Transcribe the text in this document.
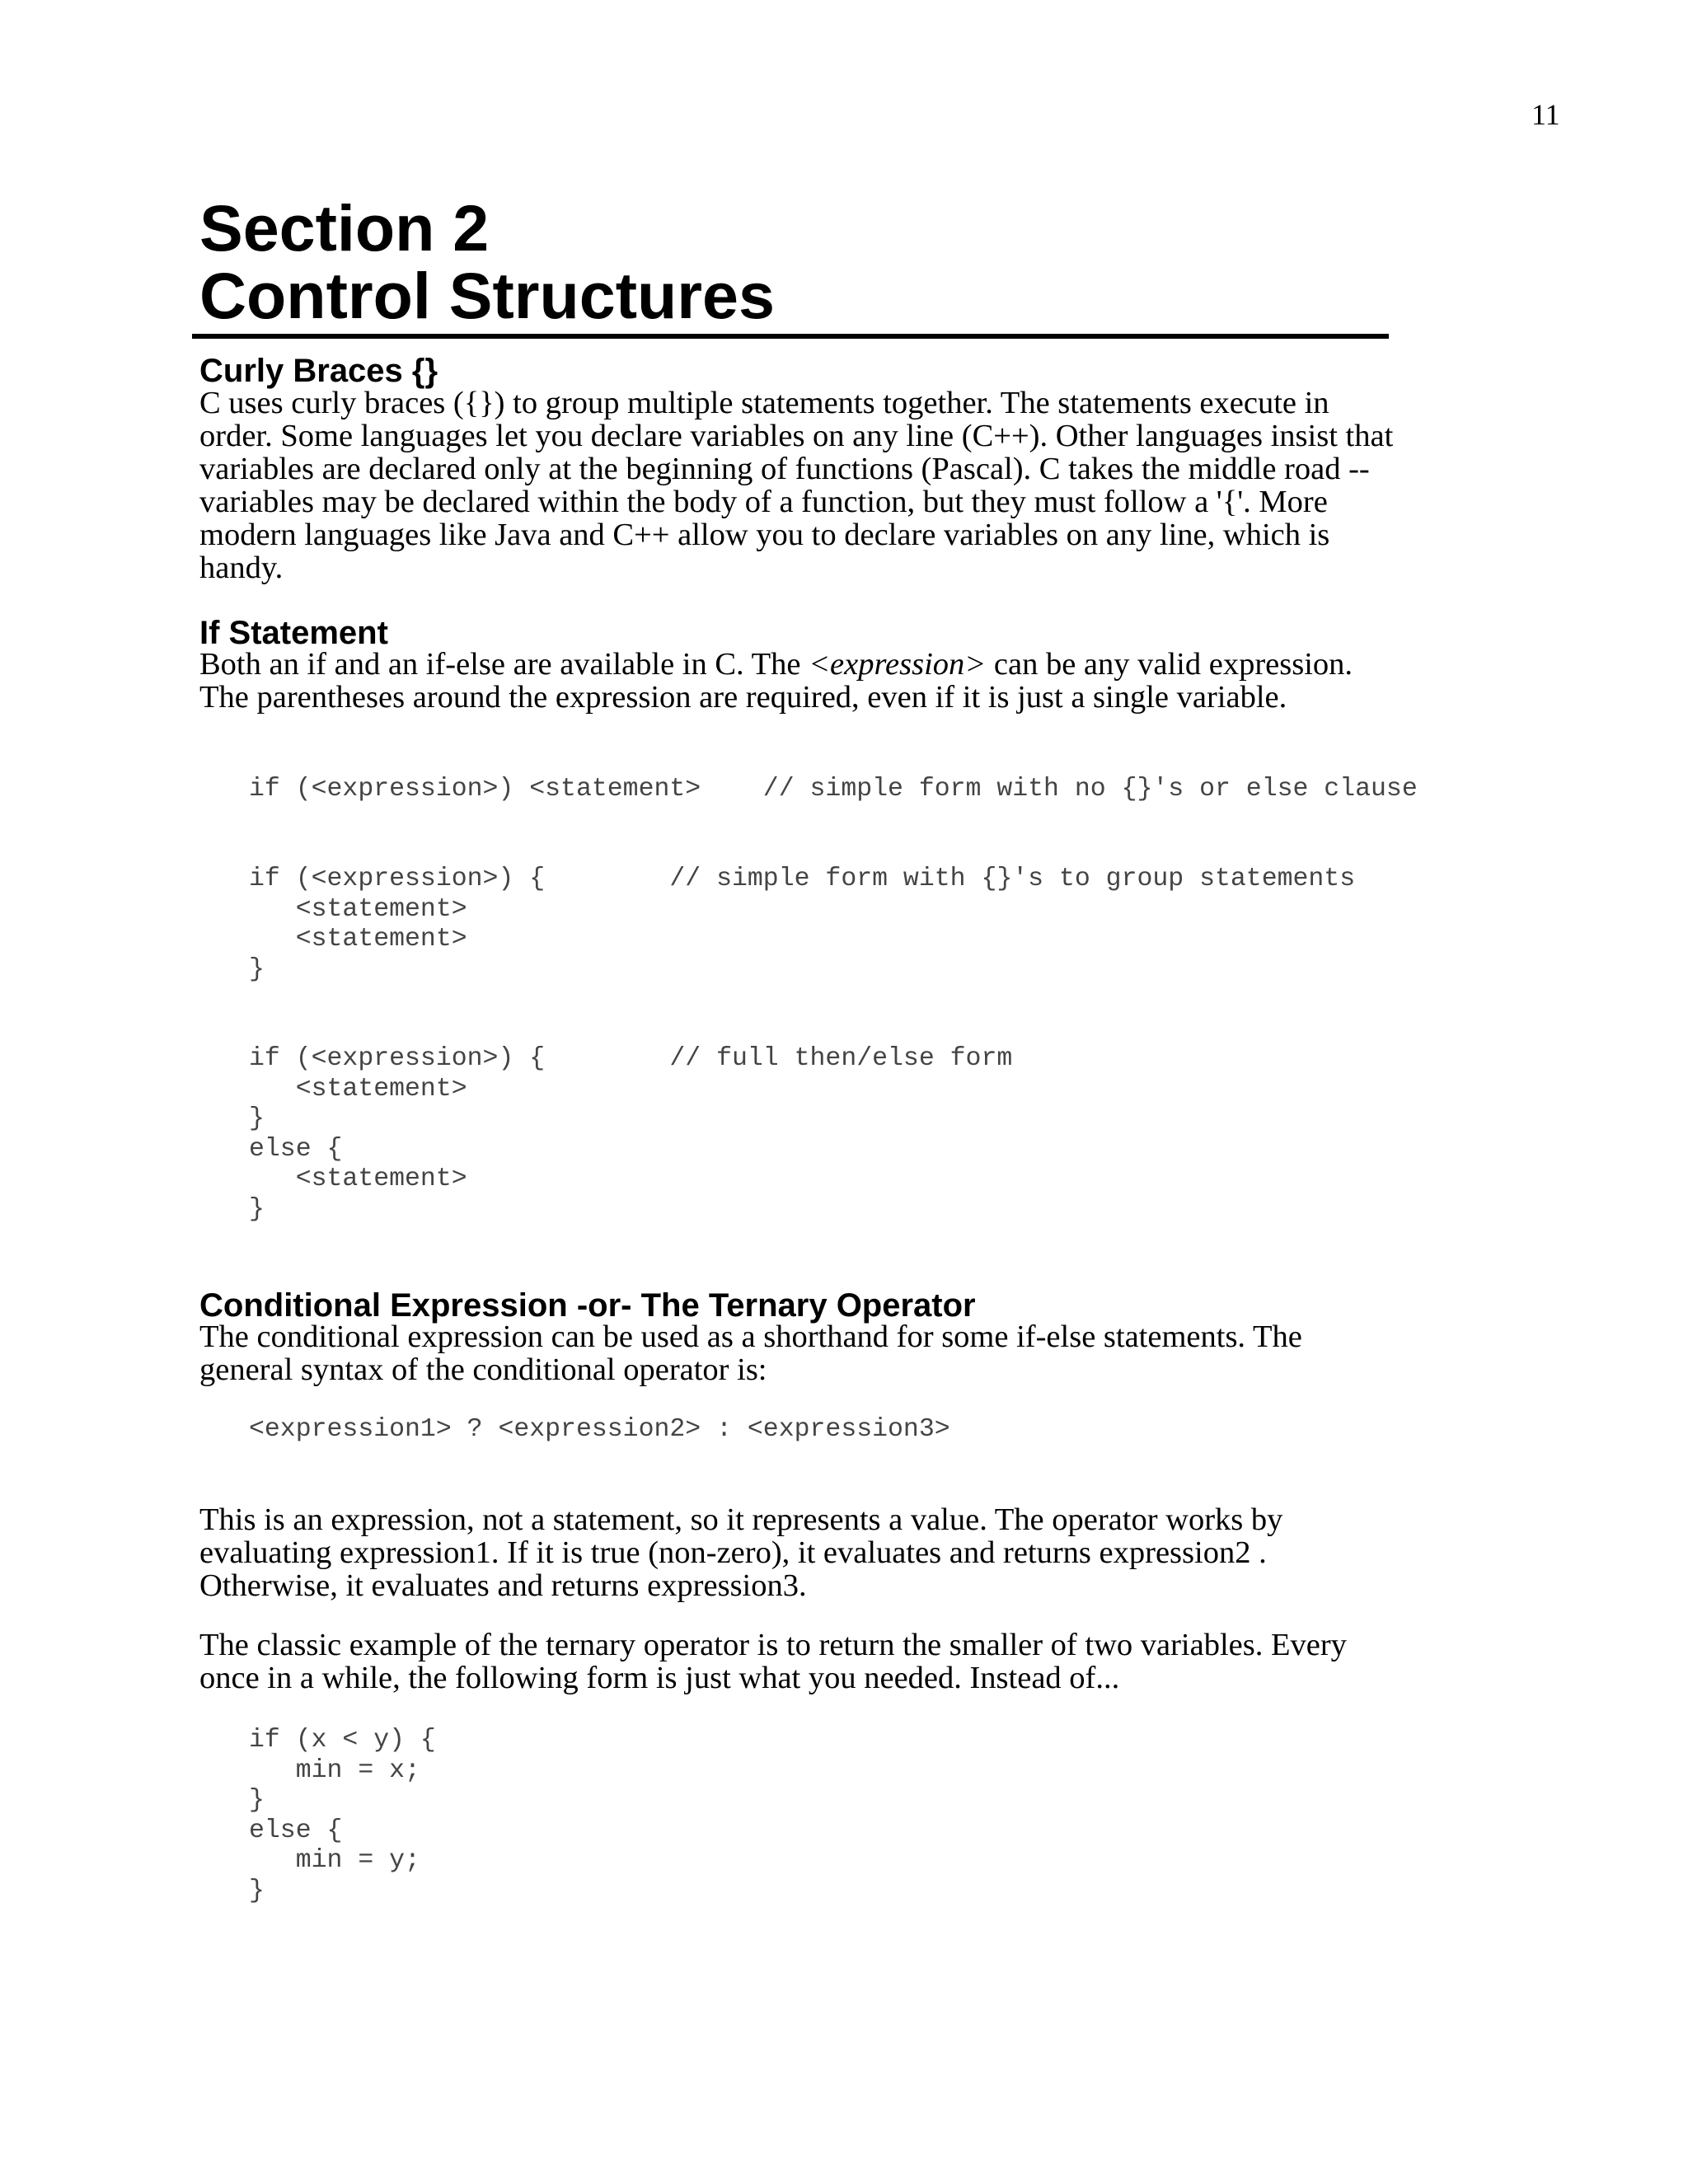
11
Section 2
Control Structures
Curly Braces {}

C uses curly braces ({}) to group multiple statements together. The statements execute in order. Some languages let you declare variables on any line (C++). Other languages insist that variables are declared only at the beginning of functions (Pascal). C takes the middle road -- variables may be declared within the body of a function, but they must follow a '{'. More modern languages like Java and C++ allow you to declare variables on any line, which is handy.

If Statement

Both an if and an if-else are available in C. The <expression> can be any valid expression. The parentheses around the expression are required, even if it is just a single variable.

if (<expression>) <statement>    // simple form with no {}'s or else clause
if (<expression>) {        // simple form with {}'s to group statements
<statement>
<statement>
}
if (<expression>) {        // full then/else form
<statement>
}
else {
<statement>
}
Conditional Expression -or- The Ternary Operator

The conditional expression can be used as a shorthand for some if-else statements. The general syntax of the conditional operator is:

<expression1> ? <expression2> : <expression3>

This is an expression, not a statement, so it represents a value. The operator works by evaluating expression1. If it is true (non-zero), it evaluates and returns expression2 . Otherwise, it evaluates and returns expression3.

The classic example of the ternary operator is to return the smaller of two variables. Every once in a while, the following form is just what you needed. Instead of...

if (x < y) {
min = x;
}
else {
min = y;
}
